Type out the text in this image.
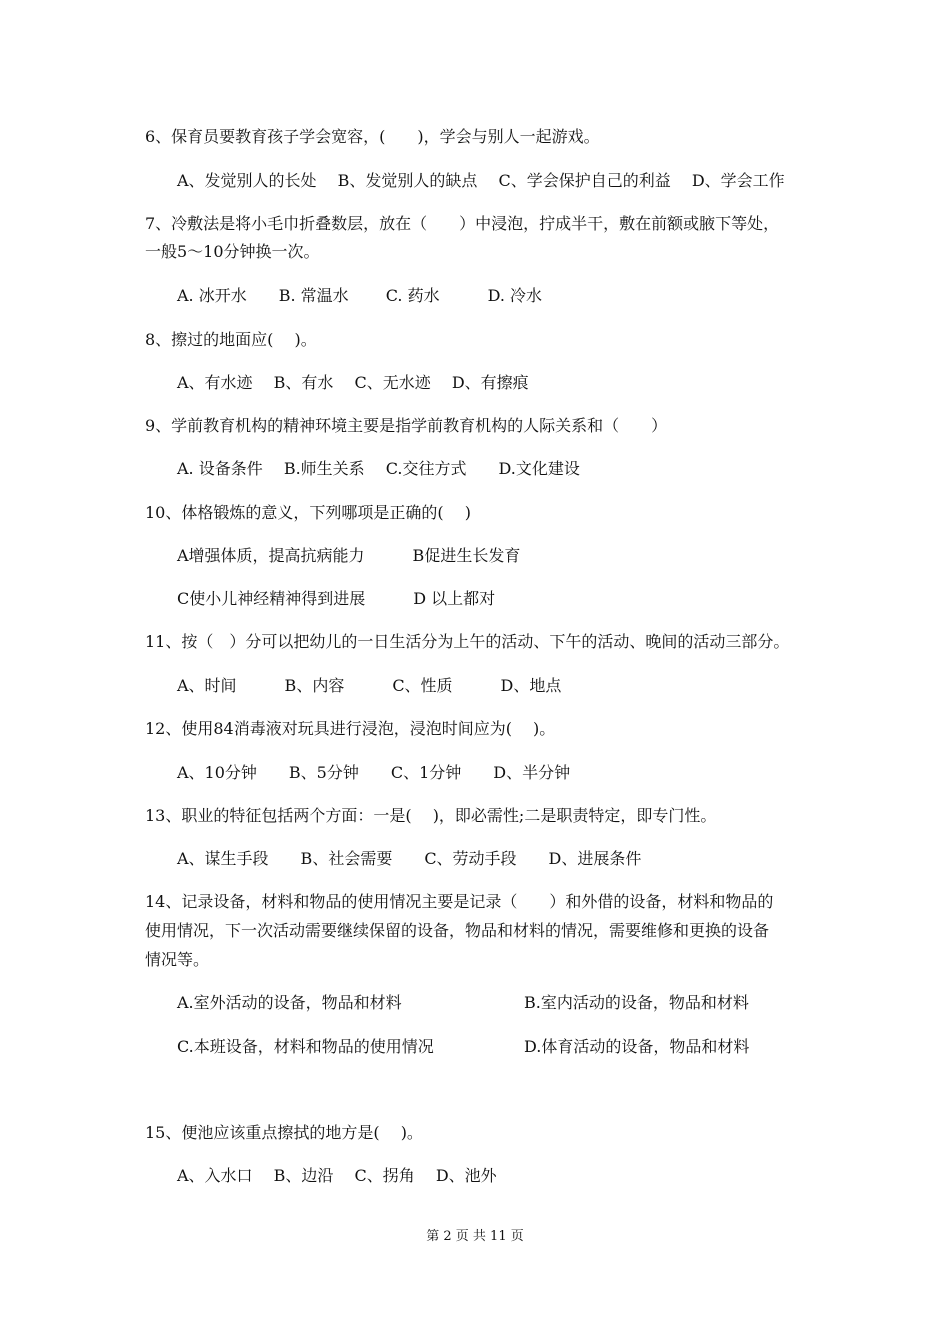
6、保育员要教育孩子学会宽容，(　　)，学会与别人一起游戏。
A、发觉别人的长处　 B、发觉别人的缺点　 C、学会保护自己的利益　 D、学会工作
7、冷敷法是将小毛巾折叠数层，放在（　　）中浸泡，拧成半干，敷在前额或腋下等处，
一般5～10分钟换一次。
A. 冰开水　　B. 常温水　　 C. 药水　　　D. 冷水
8、擦过的地面应(　 )。
A、有水迹　 B、有水　 C、无水迹　 D、有擦痕
9、学前教育机构的精神环境主要是指学前教育机构的人际关系和（　　）
A. 设备条件　 B.师生关系　 C.交往方式　　D.文化建设
10、体格锻炼的意义，下列哪项是正确的(　 )
A增强体质，提高抗病能力　　　B促进生长发育
C使小儿神经精神得到进展　　　D 以上都对
11、按（　）分可以把幼儿的一日生活分为上午的活动、下午的活动、晚间的活动三部分。
A、时间　　　B、内容　　　C、性质　　　D、地点
12、使用84消毒液对玩具进行浸泡，浸泡时间应为(　 )。
A、10分钟　　B、5分钟　　C、1分钟　　D、半分钟
13、职业的特征包括两个方面：一是(　 )，即必需性;二是职责特定，即专门性。
A、谋生手段　　B、社会需要　　C、劳动手段　　D、进展条件
14、记录设备，材料和物品的使用情况主要是记录（　　）和外借的设备，材料和物品的
使用情况，下一次活动需要继续保留的设备，物品和材料的情况，需要维修和更换的设备
情况等。
A.室外活动的设备，物品和材料	B.室内活动的设备，物品和材料
C.本班设备，材料和物品的使用情况	D.体育活动的设备，物品和材料
15、便池应该重点擦拭的地方是(　 )。
A、入水口　 B、边沿　 C、拐角　 D、池外
第 2 页 共 11 页
